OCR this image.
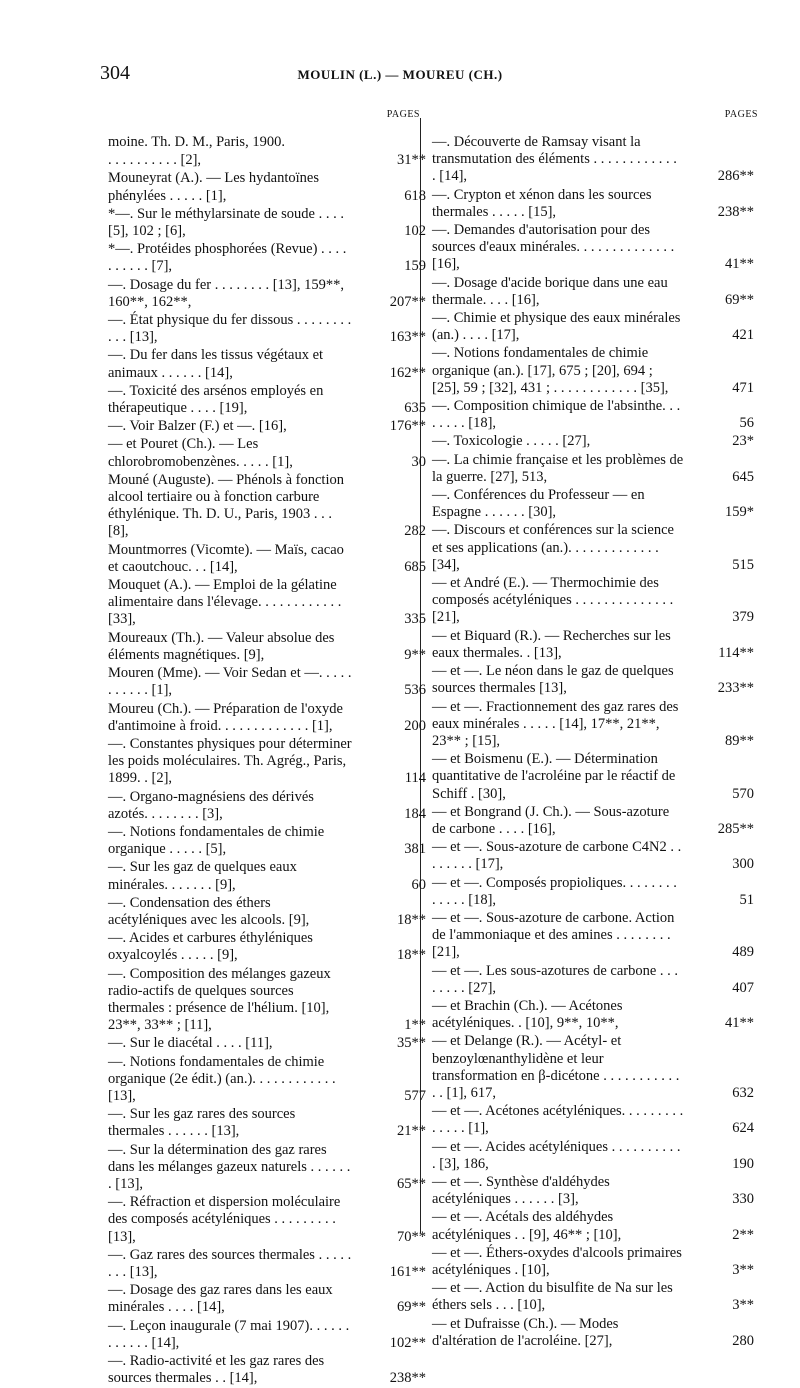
304	MOULIN (L.) — MOUREU (CH.)
PAGES
moine. Th. D. M., Paris, 1900.
. . . . . . . . . . [2],	31**
Mouneyrat (A.). — Les hydantoïnes phénylées . . . . . [1],	618
*—. Sur le méthylarsinate de soude . . . . [5], 102 ; [6],	102
*—. Protéides phosphorées (Revue) . . . . . . . . . . [7],	159
—. Dosage du fer . . . . . . . . [13], 159**, 160**, 162**,	207**
—. État physique du fer dissous . . . . . . . . . . . [13],	163**
—. Du fer dans les tissus végétaux et animaux . . . . . . [14],	162**
—. Toxicité des arsénos employés en thérapeutique . . . . [19],	635
—. Voir Balzer (F.) et —. [16],	176**
— et Pouret (Ch.). — Les chlorobromobenzènes. . . . . [1],	30
Mouné (Auguste). — Phénols à fonction alcool tertiaire ou à fonction carbure éthylénique. Th. D. U., Paris, 1903 . . . [8],	282
Mountmorres (Vicomte). — Maïs, cacao et caoutchouc. . . [14],	685
Mouquet (A.). — Emploi de la gélatine alimentaire dans l'élevage. . . . . . . . . . . . [33],	335
Moureaux (Th.). — Valeur absolue des éléments magnétiques. [9],	9**
Mouren (Mme). — Voir Sedan et —. . . . . . . . . . . [1],	536
Moureu (Ch.). — Préparation de l'oxyde d'antimoine à froid. . . . . . . . . . . . . [1],	200
—. Constantes physiques pour déterminer les poids moléculaires. Th. Agrég., Paris, 1899. . [2],	114
—. Organo-magnésiens des dérivés azotés. . . . . . . . [3],	184
—. Notions fondamentales de chimie organique . . . . . [5],	381
—. Sur les gaz de quelques eaux minérales. . . . . . . [9],	60
—. Condensation des éthers acétyléniques avec les alcools. [9],	18**
—. Acides et carbures éthyléniques oxyalcoylés . . . . . [9],	18**
—. Composition des mélanges gazeux radio-actifs de quelques sources thermales : présence de l'hélium. [10], 23**, 33** ; [11],	1**
—. Sur le diacétal . . . . [11],	35**
—. Notions fondamentales de chimie organique (2e édit.) (an.). . . . . . . . . . . . [13],	577
—. Sur les gaz rares des sources thermales . . . . . . [13],	21**
—. Sur la détermination des gaz rares dans les mélanges gazeux naturels . . . . . . . [13],	65**
—. Réfraction et dispersion moléculaire des composés acétyléniques . . . . . . . . . [13],	70**
—. Gaz rares des sources thermales . . . . . . . . [13],	161**
—. Dosage des gaz rares dans les eaux minérales . . . . [14],	69**
—. Leçon inaugurale (7 mai 1907). . . . . . . . . . . . [14],	102**
—. Radio-activité et les gaz rares des sources thermales . . [14],	238**
PAGES
—. Découverte de Ramsay visant la transmutation des éléments . . . . . . . . . . . . . [14],	286**
—. Crypton et xénon dans les sources thermales . . . . . [15],	238**
—. Demandes d'autorisation pour des sources d'eaux minérales. . . . . . . . . . . . . . [16],	41**
—. Dosage d'acide borique dans une eau thermale. . . . [16],	69**
—. Chimie et physique des eaux minérales (an.) . . . . [17],	421
—. Notions fondamentales de chimie organique (an.). [17], 675 ; [20], 694 ; [25], 59 ; [32], 431 ; . . . . . . . . . . . . [35],	471
—. Composition chimique de l'absinthe. . . . . . . . [18],	56
—. Toxicologie . . . . . [27],	23*
—. La chimie française et les problèmes de la guerre. [27], 513,	645
—. Conférences du Professeur — en Espagne . . . . . . [30],	159*
—. Discours et conférences sur la science et ses applications (an.). . . . . . . . . . . . . [34],	515
— et André (E.). — Thermochimie des composés acétyléniques . . . . . . . . . . . . . . [21],	379
— et Biquard (R.). — Recherches sur les eaux thermales. . [13],	114**
— et —. Le néon dans le gaz de quelques sources thermales [13],	233**
— et —. Fractionnement des gaz rares des eaux minérales . . . . . [14], 17**, 21**, 23** ; [15],	89**
— et Boismenu (E.). — Détermination quantitative de l'acroléine par le réactif de Schiff . [30],	570
— et Bongrand (J. Ch.). — Sous-azoture de carbone . . . . [16],	285**
— et —. Sous-azoture de carbone C4N2 . . . . . . . . [17],	300
— et —. Composés propioliques. . . . . . . . . . . . . [18],	51
— et —. Sous-azoture de carbone. Action de l'ammoniaque et des amines . . . . . . . . [21],	489
— et —. Les sous-azotures de carbone . . . . . . . . [27],	407
— et Brachin (Ch.). — Acétones acétyléniques. . [10], 9**, 10**,	41**
— et Delange (R.). — Acétyl- et benzoylœnanthylidène et leur transformation en β-dicétone . . . . . . . . . . . . . [1], 617,	632
— et —. Acétones acétyléniques. . . . . . . . . . . . . . [1],	624
— et —. Acides acétyléniques . . . . . . . . . . . [3], 186,	190
— et —. Synthèse d'aldéhydes acétyléniques . . . . . . [3],	330
— et —. Acétals des aldéhydes acétyléniques . . [9], 46** ; [10],	2**
— et —. Éthers-oxydes d'alcools primaires acétyléniques . [10],	3**
— et —. Action du bisulfite de Na sur les éthers sels . . . [10],	3**
— et Dufraisse (Ch.). — Modes d'altération de l'acroléine. [27],	280
